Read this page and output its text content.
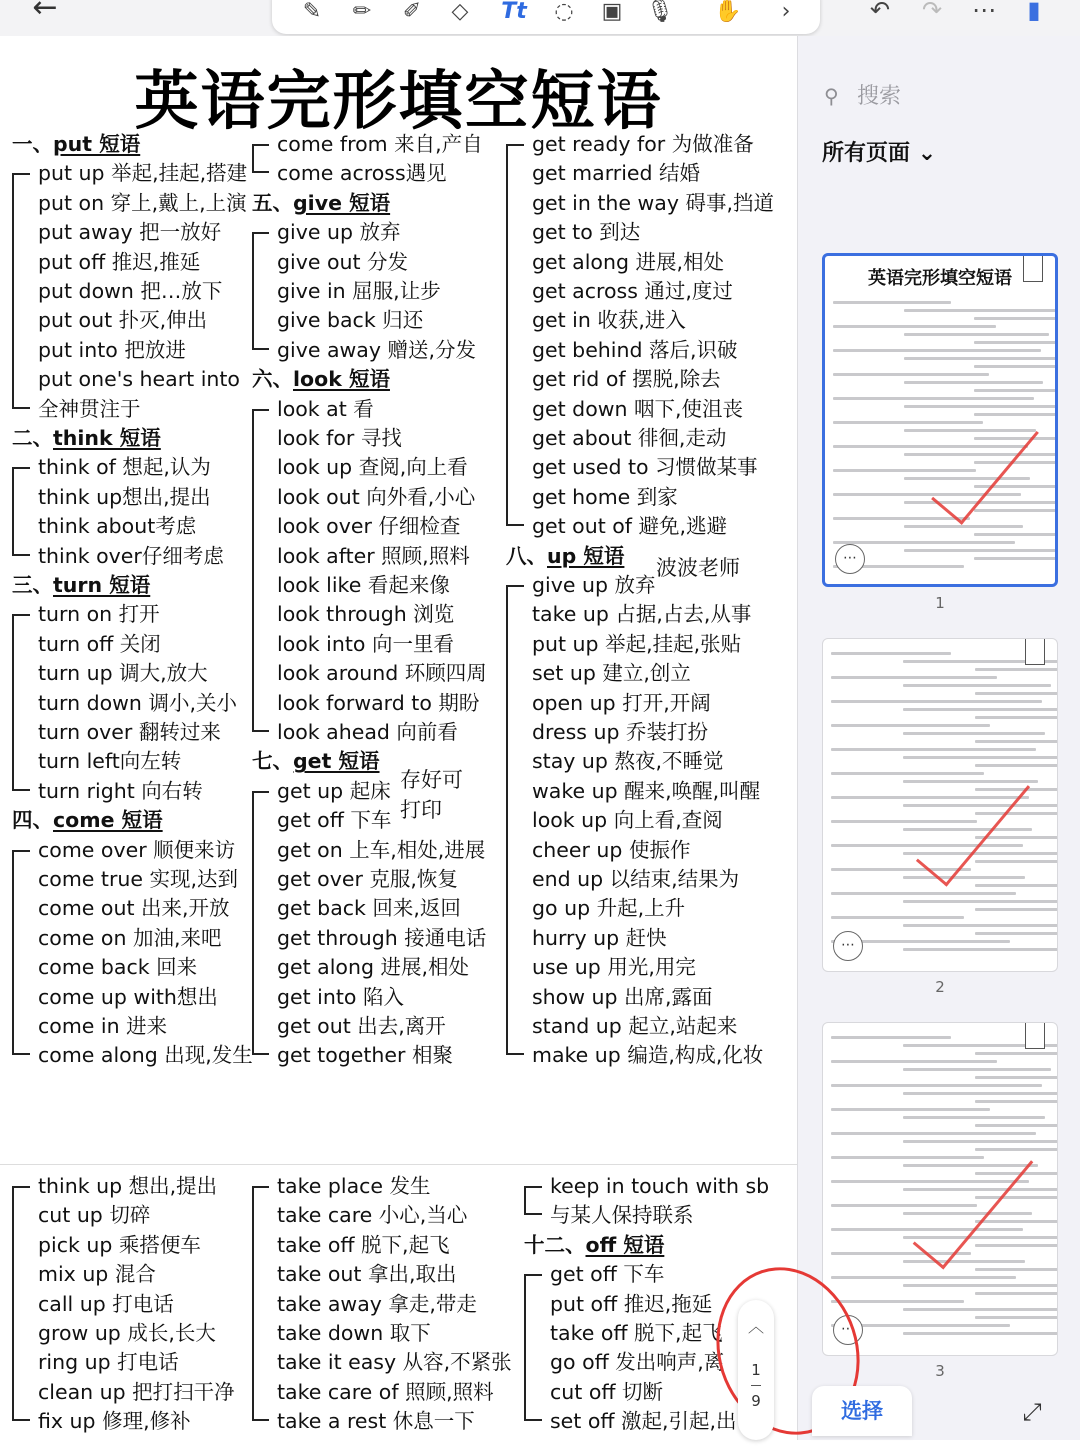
←	✎	✏	✐	◇	Tt	◌	▣	🎙 ✋	›	↶	↷	⋯	▮
英语完形填空短语
一、put 短语
put up 举起,挂起,搭建
put on 穿上,戴上,上演
put away 把一放好
put off 推迟,推延
put down 把…放下
put out 扑灭,伸出
put into 把放进
put one's heart into
全神贯注于
二、think 短语
think of 想起,认为
think up想出,提出
think about考虑
think over仔细考虑
三、turn 短语
turn on 打开
turn off 关闭
turn up 调大,放大
turn down 调小,关小
turn over 翻转过来
turn left向左转
turn right 向右转
四、come 短语
come over 顺便来访
come true 实现,达到
come out 出来,开放
come on 加油,来吧
come back 回来
come up with想出
come in 进来
come along 出现,发生
come from 来自,产自
come across遇见
五、give 短语
give up 放弃
give out 分发
give in 屈服,让步
give back 归还
give away 赠送,分发
六、look 短语
look at 看
look for 寻找
look up 查阅,向上看
look out 向外看,小心
look over 仔细检查
look after 照顾,照料
look like 看起来像
look through 浏览
look into 向一里看
look around 环顾四周
look forward to 期盼
look ahead 向前看
七、get 短语
get up 起床
get off 下车
get on 上车,相处,进展
get over 克服,恢复
get back 回来,返回
get through 接通电话
get along 进展,相处
get into 陷入
get out 出去,离开
get together 相聚
get ready for 为做准备
get married 结婚
get in the way 碍事,挡道
get to 到达
get along 进展,相处
get across 通过,度过
get in 收获,进入
get behind 落后,识破
get rid of 摆脱,除去
get down 咽下,使沮丧
get about 徘徊,走动
get used to 习惯做某事
get home 到家
get out of 避免,逃避
八、up 短语
give up 放弃
take up 占据,占去,从事
put up 举起,挂起,张贴
set up 建立,创立
open up 打开,开阔
dress up 乔装打扮
stay up 熬夜,不睡觉
wake up 醒来,唤醒,叫醒
look up 向上看,查阅
cheer up 使振作
end up 以结束,结果为
go up 升起,上升
hurry up 赶快
use up 用光,用完
show up 出席,露面
stand up 起立,站起来
make up 编造,构成,化妆
波波老师
存好可
打印
think up 想出,提出
cut up 切碎
pick up 乘搭便车
mix up 混合
call up 打电话
grow up 成长,长大
ring up 打电话
clean up 把打扫干净
fix up 修理,修补
take place 发生
take care 小心,当心
take off 脱下,起飞
take out 拿出,取出
take away 拿走,带走
take down 取下
take it easy 从容,不紧张
take care of 照顾,照料
take a rest 休息一下
keep in touch with sb
与某人保持联系
十二、off 短语
get off 下车
put off 推迟,拖延
take off 脱下,起飞
go off 发出响声,离
cut off 切断
set off 激起,引起,出
⚲ 搜索
所有页面 ⌄
英语完形填空短语
⋯
1
⋯
2
⋯
3
︿
1
9	选择	⤢
